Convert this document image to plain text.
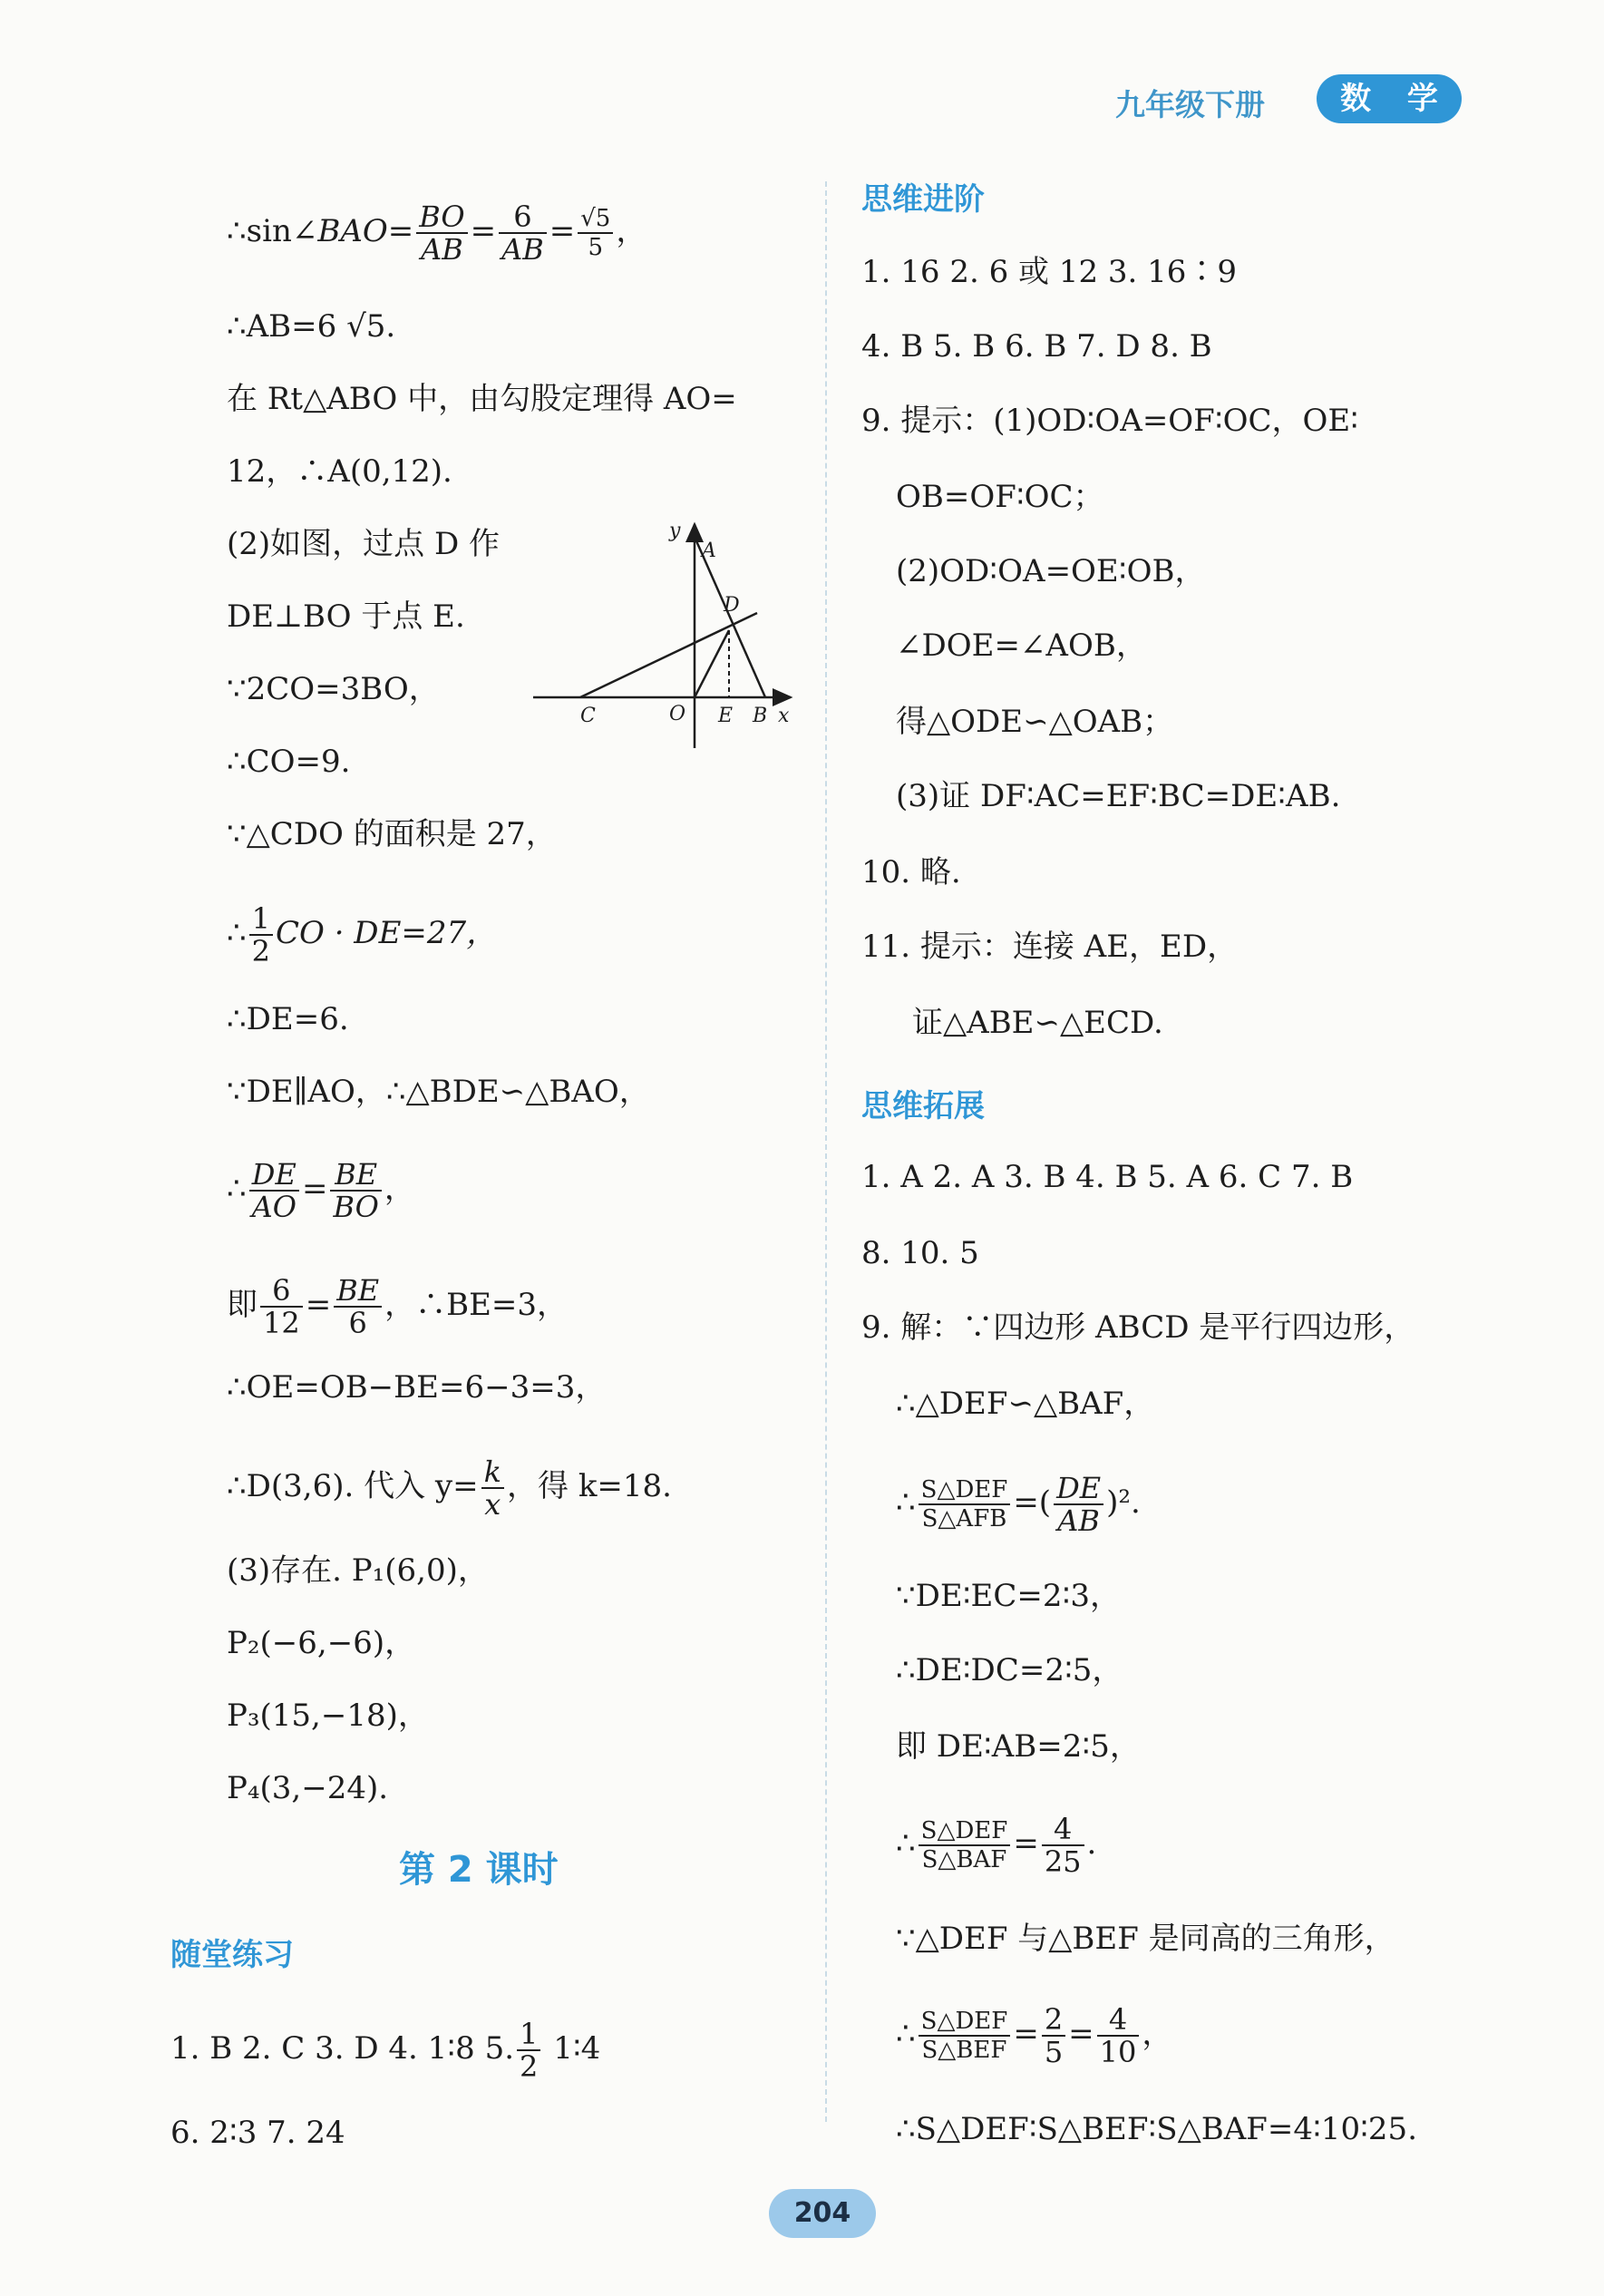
九年级下册	数 学
∴sin∠BAO= $\frac{BO}{AB} = \frac{6}{AB} = \frac{√5}{5}$ ，
∴AB=6 √5.
在 Rt△ABO 中，由勾股定理得 AO=
12，∴A(0,12).
(2)如图，过点 D 作
DE⊥BO 于点 E.
∵2CO=3BO，
∴CO=9.
∵△CDO 的面积是 27，
∴ $\frac{1}{2}$ CO · DE=27，
∴DE=6.
∵DE∥AO，∴△BDE∽△BAO，
∴ $\frac{DE}{AO} = \frac{BE}{BO}$ ，
即 $\frac{6}{12} = \frac{BE}{6}$ ，∴BE=3，
∴OE=OB−BE=6−3=3，
∴D(3,6). 代入 $y= \frac{k}{x}$ ，得 k=18.
(3)存在. P₁(6,0)，
P₂(−6,−6)，
P₃(15,−18)，
P₄(3,−24).
第 2 课时
随堂练习
1. B 2. C 3. D 4. 1∶8 5. $\frac{1}{2}$ 1∶4
6. 2∶3 7. 24
y
A
D
C	O E B x
思维进阶
1. 16 2. 6 或 12 3. 16∶9
4. B 5. B 6. B 7. D 8. B
9. 提示：(1)OD∶OA=OF∶OC，OE∶
OB=OF∶OC；
(2)OD∶OA=OE∶OB，
∠DOE=∠AOB，
得△ODE∽△OAB；
(3)证 DF∶AC=EF∶BC=DE∶AB.
10. 略.
11. 提示：连接 AE，ED，
证△ABE∽△ECD.
思维拓展
1. A 2. A 3. B 4. B 5. A 6. C 7. B
8. 10. 5
9. 解：∵四边形 ABCD 是平行四边形，
∴△DEF∽△BAF，
∴ $\frac{\text{S△DEF}}{\text{S△AFB}}$ =( $\frac{DE}{AB} )^2$.
∵DE∶EC=2∶3，
∴DE∶DC=2∶5，
即 DE∶AB=2∶5，
∴ $\frac{\text{S△DEF}}{\text{S△BAF}} = \frac{4}{25}$ .
∵△DEF 与△BEF 是同高的三角形，
∴ $\frac{\text{S△DEF}}{\text{S△BEF}} = \frac{2}{5} = \frac{4}{10}$ ，
∴S△DEF∶S△BEF∶S△BAF=4∶10∶25.
204
